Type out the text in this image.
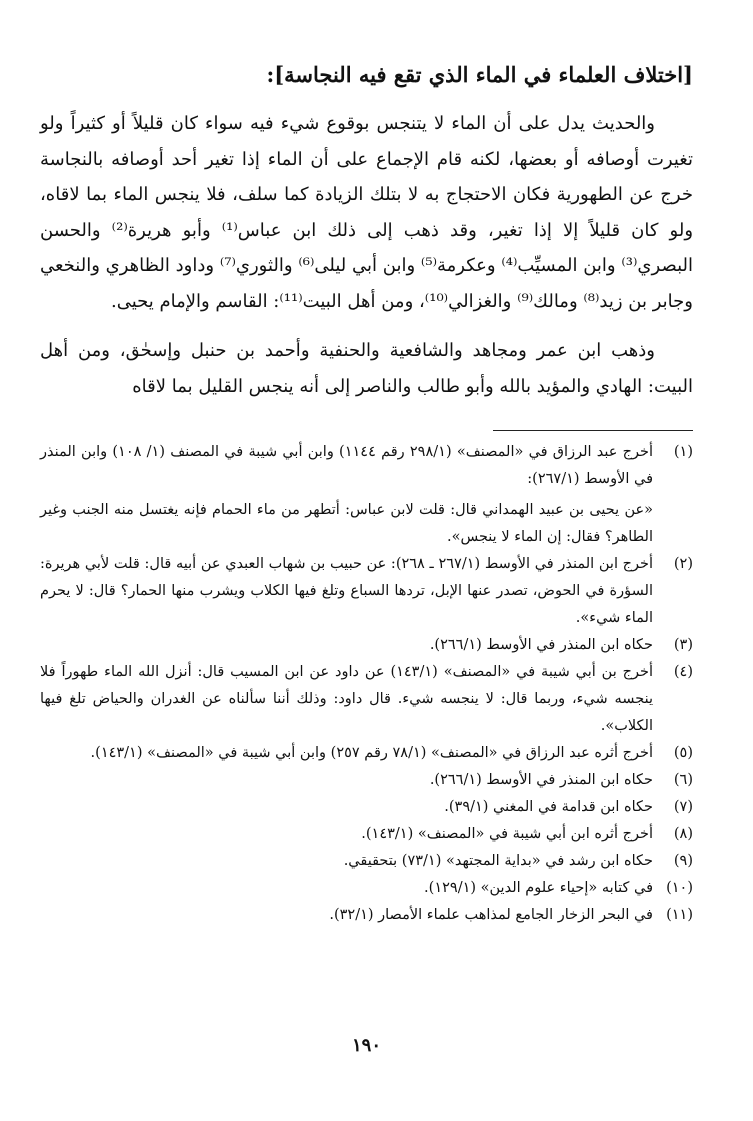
[اختلاف العلماء في الماء الذي تقع فيه النجاسة]:

والحديث يدل على أن الماء لا يتنجس بوقوع شيء فيه سواء كان قليلاً أو كثيراً ولو تغيرت أوصافه أو بعضها، لكنه قام الإجماع على أن الماء إذا تغير أحد أوصافه بالنجاسة خرج عن الطهورية فكان الاحتجاج به لا بتلك الزيادة كما سلف، فلا ينجس الماء بما لاقاه، ولو كان قليلاً إلا إذا تغير، وقد ذهب إلى ذلك ابن عباس⁽¹⁾ وأبو هريرة⁽²⁾ والحسن البصري⁽³⁾ وابن المسيِّب⁽⁴⁾ وعكرمة⁽⁵⁾ وابن أبي ليلى⁽⁶⁾ والثوري⁽⁷⁾ وداود الظاهري والنخعي وجابر بن زيد⁽⁸⁾ ومالك⁽⁹⁾ والغزالي⁽¹⁰⁾، ومن أهل البيت⁽¹¹⁾: القاسم والإمام يحيى.

وذهب ابن عمر ومجاهد والشافعية والحنفية وأحمد بن حنبل وإسحٰق، ومن أهل البيت: الهادي والمؤيد بالله وأبو طالب والناصر إلى أنه ينجس القليل بما لاقاه

(١)
أخرج عبد الرزاق في «المصنف» (٢٩٨/١ رقم ١١٤٤) وابن أبي شيبة في المصنف (١/ ١٠٨) وابن المنذر في الأوسط (٢٦٧/١):
«عن يحيى بن عبيد الهمداني قال: قلت لابن عباس: أتطهر من ماء الحمام فإنه يغتسل منه الجنب وغير الطاهر؟ فقال: إن الماء لا ينجس».
(٢)
أخرج ابن المنذر في الأوسط (٢٦٧/١ ـ ٢٦٨): عن حبيب بن شهاب العبدي عن أبيه قال: قلت لأبي هريرة: السؤرة في الحوض، تصدر عنها الإبل، تردها السباع وتلغ فيها الكلاب ويشرب منها الحمار؟ قال: لا يحرم الماء شيء».
(٣)
حكاه ابن المنذر في الأوسط (٢٦٦/١).
(٤)
أخرج بن أبي شيبة في «المصنف» (١٤٣/١) عن داود عن ابن المسيب قال: أنزل الله الماء طهوراً فلا ينجسه شيء، وربما قال: لا ينجسه شيء. قال داود: وذلك أننا سألناه عن الغدران والحياض تلغ فيها الكلاب».
(٥)
أخرج أثره عبد الرزاق في «المصنف» (٧٨/١ رقم ٢٥٧) وابن أبي شيبة في «المصنف» (١٤٣/١).
(٦)
حكاه ابن المنذر في الأوسط (٢٦٦/١).
(٧)
حكاه ابن قدامة في المغني (٣٩/١).
(٨)
أخرج أثره ابن أبي شيبة في «المصنف» (١٤٣/١).
(٩)
حكاه ابن رشد في «بداية المجتهد» (٧٣/١) بتحقيقي.
(١٠)
في كتابه «إحياء علوم الدين» (١٢٩/١).
(١١)
في البحر الزخار الجامع لمذاهب علماء الأمصار (٣٢/١).
١٩٠
